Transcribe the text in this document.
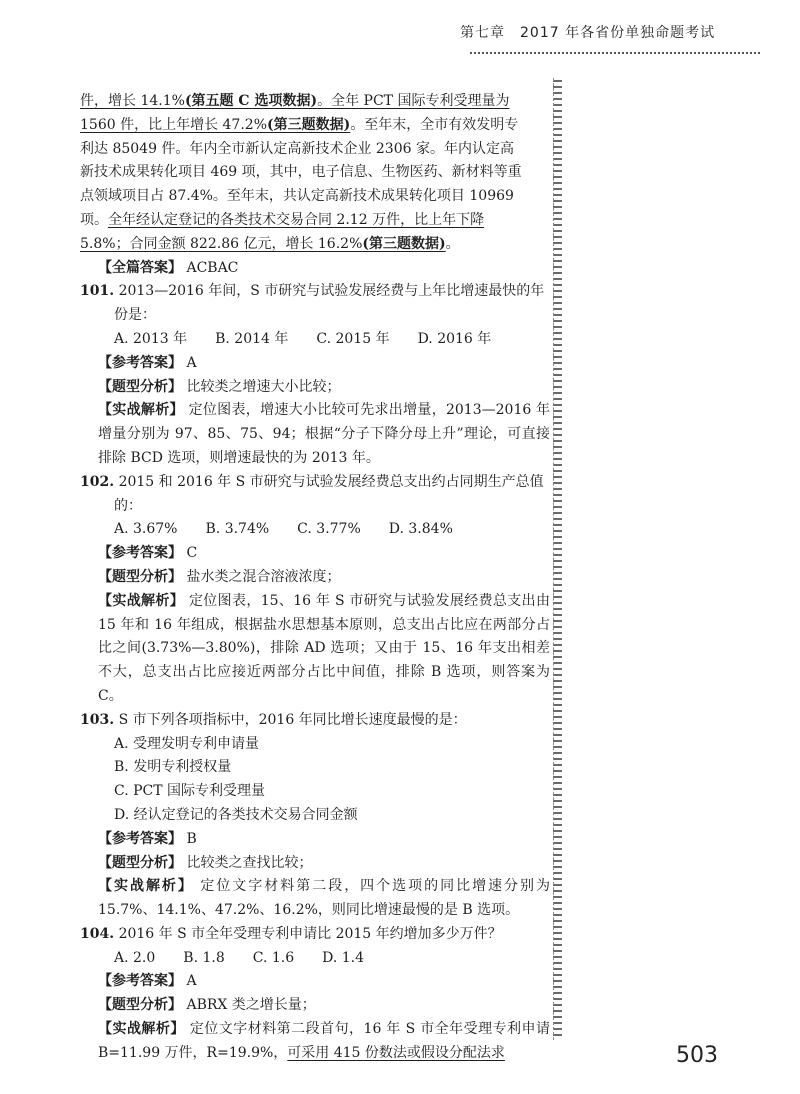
第七章　2017 年各省份单独命题考试

件，增长 14.1%(第五题 C 选项数据)。全年 PCT 国际专利受理量为

1560 件，比上年增长 47.2%(第三题数据)。至年末，全市有效发明专

利达 85049 件。年内全市新认定高新技术企业 2306 家。年内认定高

新技术成果转化项目 469 项，其中，电子信息、生物医药、新材料等重

点领域项目占 87.4%。至年末，共认定高新技术成果转化项目 10969

项。全年经认定登记的各类技术交易合同 2.12 万件，比上年下降

5.8%；合同金额 822.86 亿元，增长 16.2%(第三题数据)。

【全篇答案】 ACBAC

101. 2013—2016 年间，S 市研究与试验发展经费与上年比增速最快的年份是：

A. 2013 年 B. 2014 年 C. 2015 年 D. 2016 年

【参考答案】 A

【题型分析】 比较类之增速大小比较；

【实战解析】 定位图表，增速大小比较可先求出增量，2013—2016 年增量分别为 97、85、75、94；根据“分子下降分母上升”理论，可直接排除 BCD 选项，则增速最快的为 2013 年。

102. 2015 和 2016 年 S 市研究与试验发展经费总支出约占同期生产总值的：

A. 3.67% B. 3.74% C. 3.77% D. 3.84%

【参考答案】 C

【题型分析】 盐水类之混合溶液浓度；

【实战解析】 定位图表，15、16 年 S 市研究与试验发展经费总支出由 15 年和 16 年组成，根据盐水思想基本原则，总支出占比应在两部分占比之间(3.73%—3.80%)，排除 AD 选项；又由于 15、16 年支出相差不大，总支出占比应接近两部分占比中间值，排除 B 选项，则答案为 C。

103. S 市下列各项指标中，2016 年同比增长速度最慢的是：

A. 受理发明专利申请量

B. 发明专利授权量

C. PCT 国际专利受理量

D. 经认定登记的各类技术交易合同金额

【参考答案】 B

【题型分析】 比较类之查找比较；

【实战解析】 定位文字材料第二段，四个选项的同比增速分别为 15.7%、14.1%、47.2%、16.2%，则同比增速最慢的是 B 选项。

104. 2016 年 S 市全年受理专利申请比 2015 年约增加多少万件？

A. 2.0 B. 1.8 C. 1.6 D. 1.4

【参考答案】 A

【题型分析】 ABRX 类之增长量；

【实战解析】 定位文字材料第二段首句，16 年 S 市全年受理专利申请 B=11.99 万件，R=19.9%，可采用 415 份数法或假设分配法求	503
